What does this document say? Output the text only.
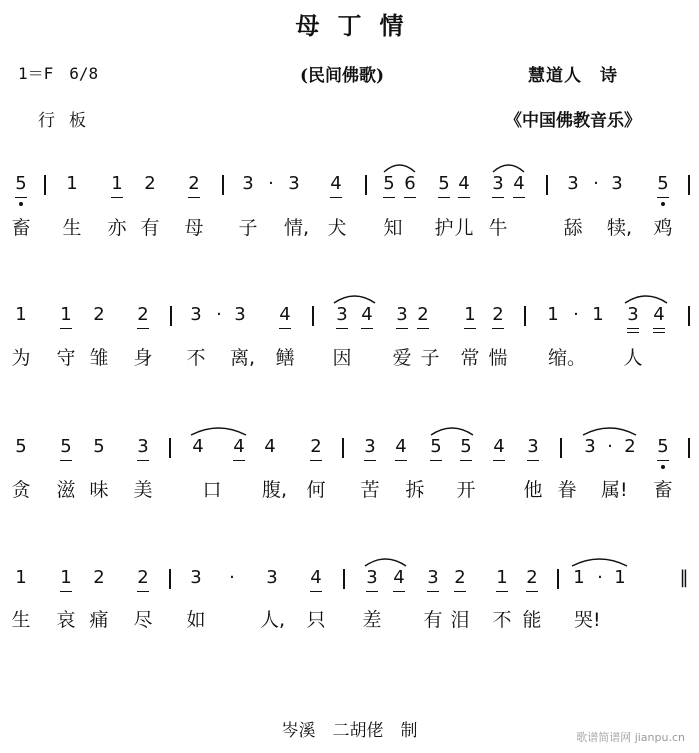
母丁情
1＝F　6/8	(民间佛歌)	慧道人　诗
行板	《中国佛教音乐》
5 1 1 2 2 3 · 3 4 5 6 5 4 3 4 3 · 3 5
畜 生 亦 有 母 子 情, 犬 知 护 儿 牛	舔 犊, 鸡
1 1 2 2 3 · 3 4	3 4 3 2 1 2 1 · 1 3 4
为 守 雏 身 不 离, 鳝 因 爱 子 常 惴 缩。 人
5 5 5 3 4 4 4 2 3 4 5 5 4 3	3 · 2 5
贪 滋 味 美	口 腹, 何 苦 拆 开	他 眷 属! 畜
1 1 2 2 3	·	3 4 3 4 3 2 1 2 1 · 1	‖
生 哀 痛 尽 如	人, 只 差 有 泪 不 能 哭!
岑溪　二胡佬　制	歌谱简谱网 jianpu.cn
